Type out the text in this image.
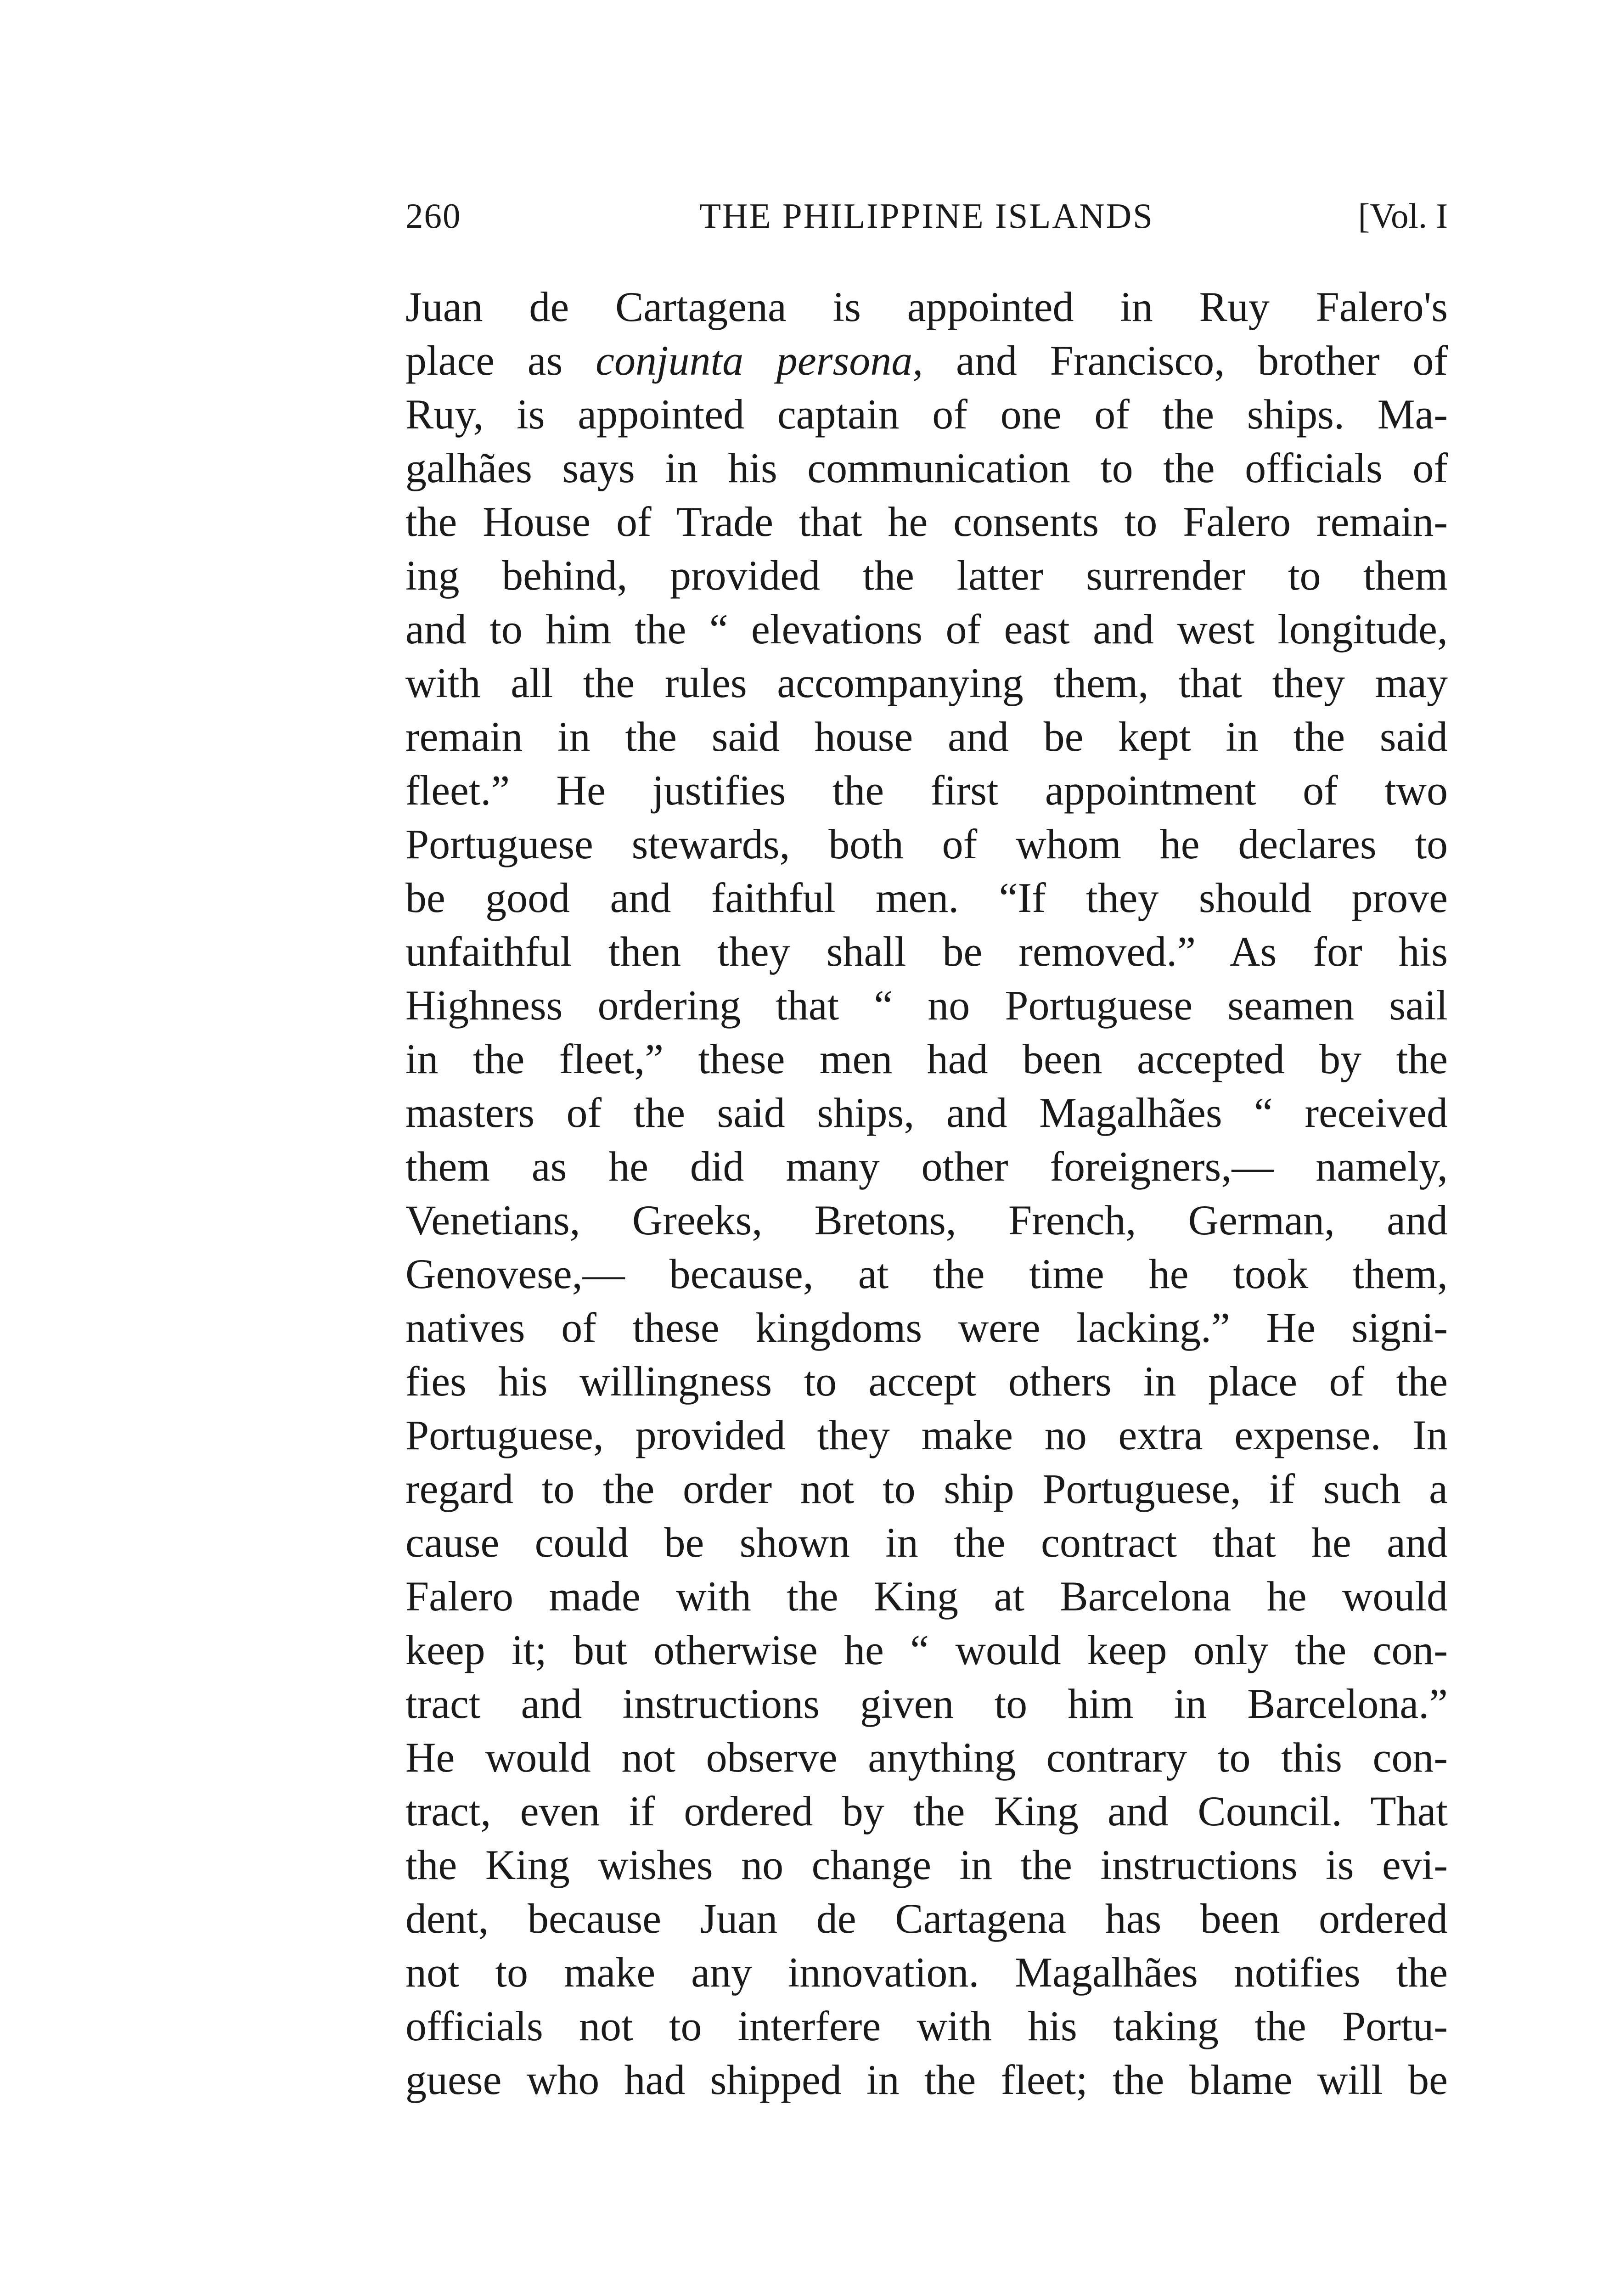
260	THE PHILIPPINE ISLANDS	[Vol. I
Juan de Cartagena is appointed in Ruy Falero's
place as conjunta persona, and Francisco, brother of
Ruy, is appointed captain of one of the ships. Ma-
galhães says in his communication to the officials of
the House of Trade that he consents to Falero remain-
ing behind, provided the latter surrender to them
and to him the “ elevations of east and west longitude,
with all the rules accompanying them, that they may
remain in the said house and be kept in the said
fleet.” He justifies the first appointment of two
Portuguese stewards, both of whom he declares to
be good and faithful men. “If they should prove
unfaithful then they shall be removed.” As for his
Highness ordering that “ no Portuguese seamen sail
in the fleet,” these men had been accepted by the
masters of the said ships, and Magalhães “ received
them as he did many other foreigners,— namely,
Venetians, Greeks, Bretons, French, German, and
Genovese,— because, at the time he took them,
natives of these kingdoms were lacking.” He signi-
fies his willingness to accept others in place of the
Portuguese, provided they make no extra expense. In
regard to the order not to ship Portuguese, if such a
cause could be shown in the contract that he and
Falero made with the King at Barcelona he would
keep it; but otherwise he “ would keep only the con-
tract and instructions given to him in Barcelona.”
He would not observe anything contrary to this con-
tract, even if ordered by the King and Council. That
the King wishes no change in the instructions is evi-
dent, because Juan de Cartagena has been ordered
not to make any innovation. Magalhães notifies the
officials not to interfere with his taking the Portu-
guese who had shipped in the fleet; the blame will be
